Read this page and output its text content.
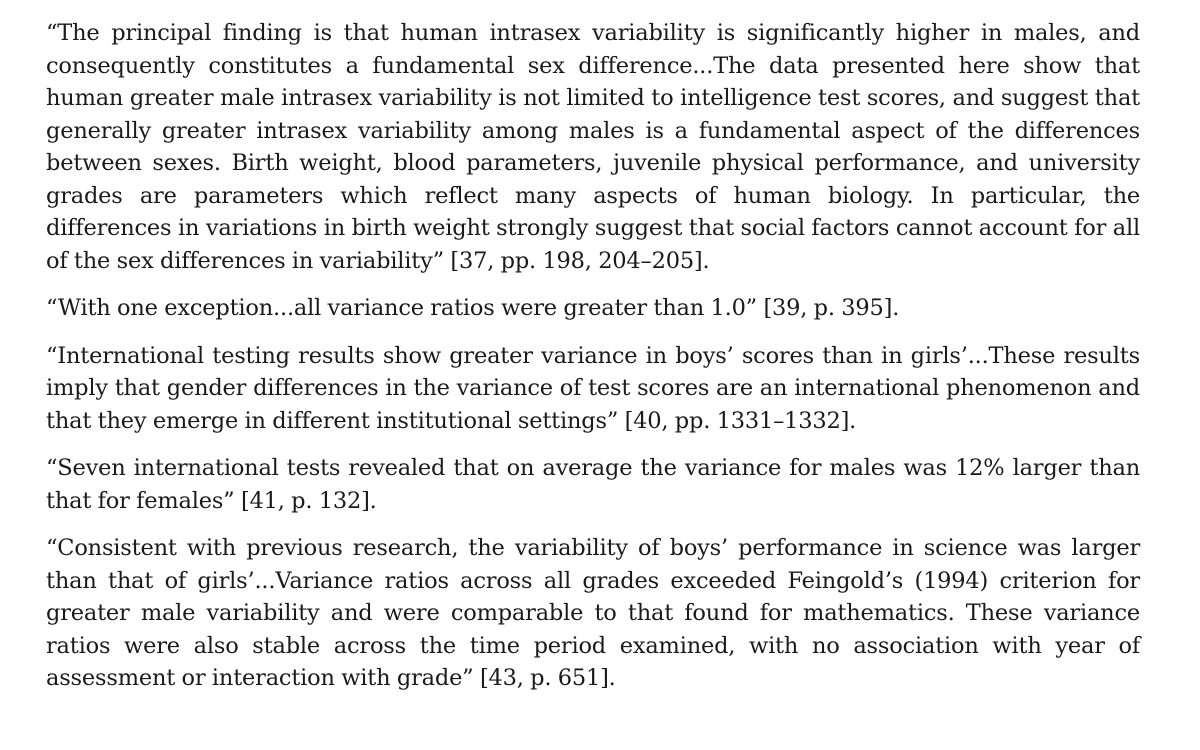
“The principal finding is that human intrasex variability is significantly higher in males, and consequently constitutes a fundamental sex difference...The data presented here show that human greater male intrasex variability is not limited to intelligence test scores, and suggest that generally greater intrasex variability among males is a fundamental aspect of the differences between sexes. Birth weight, blood parameters, juvenile physical performance, and university grades are parameters which reflect many aspects of human biology. In particular, the differences in variations in birth weight strongly suggest that social factors cannot account for all of the sex differences in variability” [37, pp. 198, 204–205].

“With one exception...all variance ratios were greater than 1.0” [39, p. 395].

“International testing results show greater variance in boys’ scores than in girls’...These results imply that gender differences in the variance of test scores are an international phenomenon and that they emerge in different institutional settings” [40, pp. 1331–1332].

“Seven international tests revealed that on average the variance for males was 12% larger than that for females” [41, p. 132].

“Consistent with previous research, the variability of boys’ performance in science was larger than that of girls’...Variance ratios across all grades exceeded Feingold’s (1994) criterion for greater male variability and were comparable to that found for mathematics. These variance ratios were also stable across the time period examined, with no association with year of assessment or interaction with grade” [43, p. 651].
